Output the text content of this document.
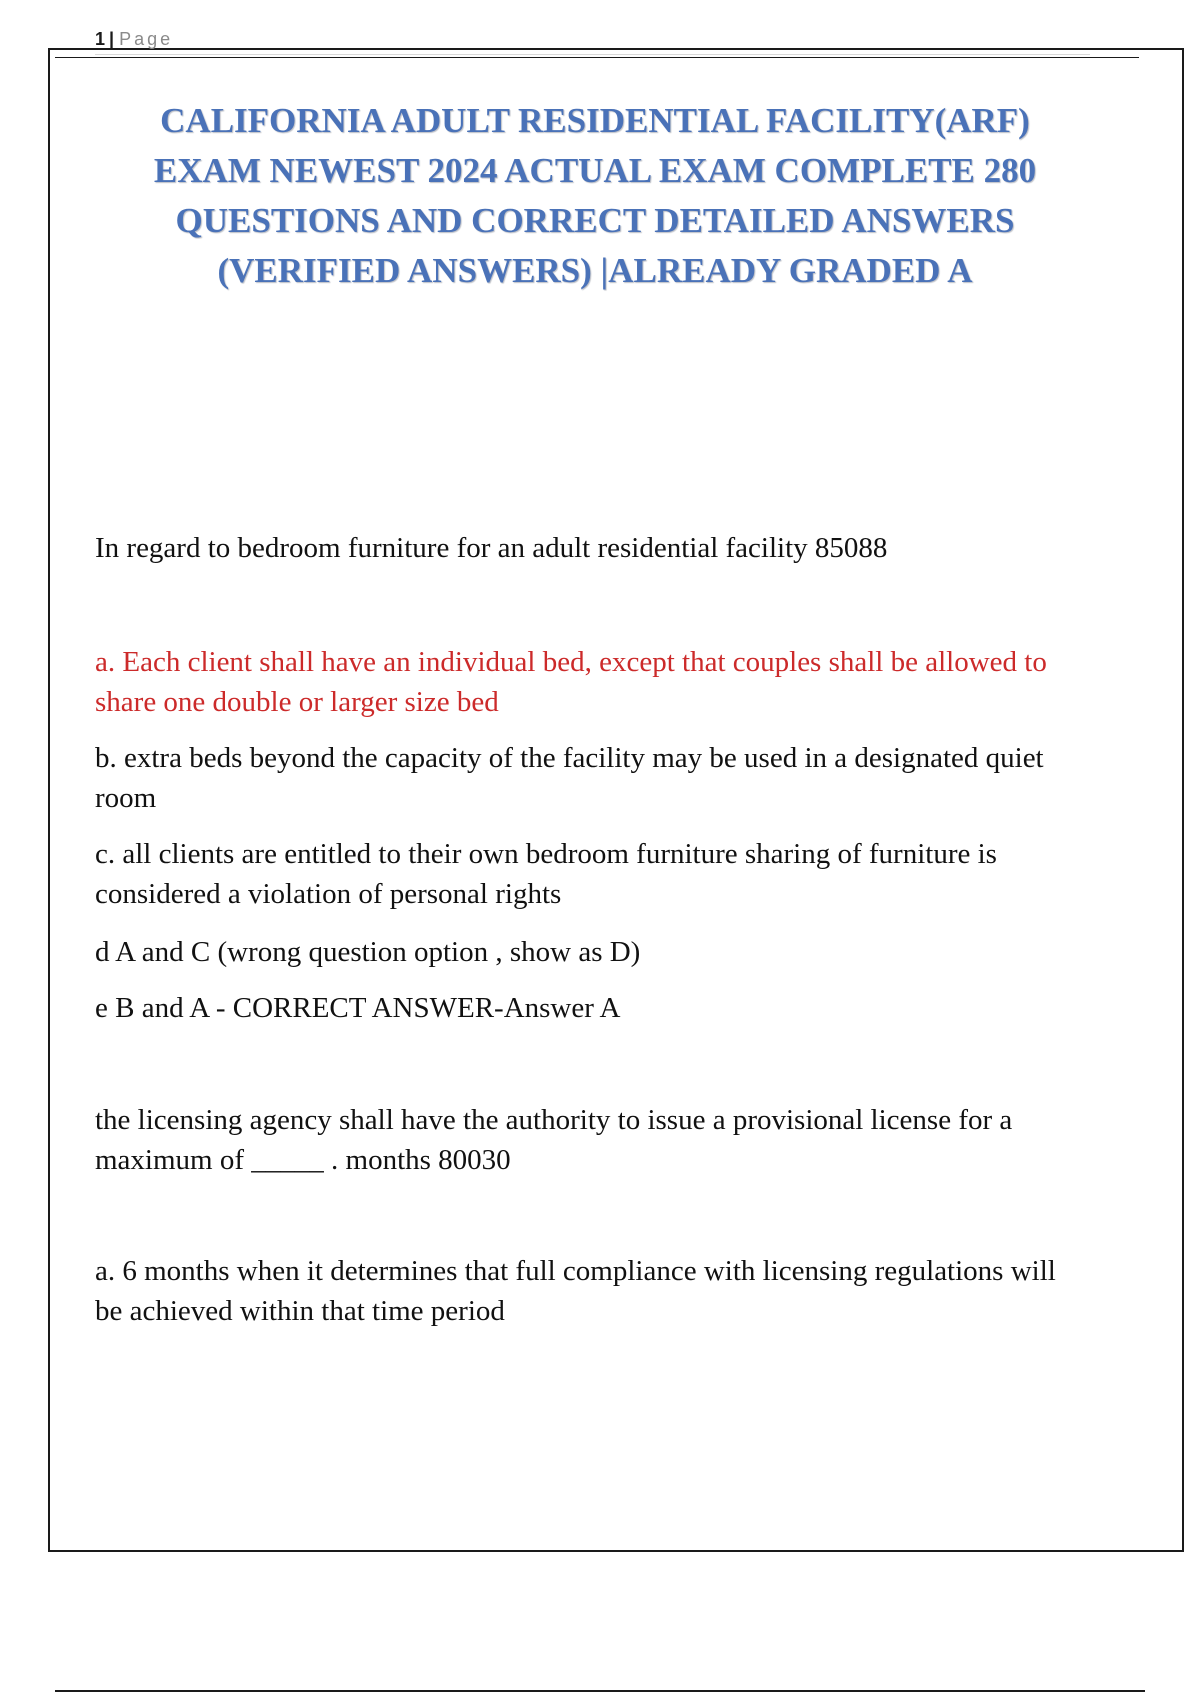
1 | Page
CALIFORNIA ADULT RESIDENTIAL FACILITY(ARF)
EXAM NEWEST 2024 ACTUAL EXAM COMPLETE 280
QUESTIONS AND CORRECT DETAILED ANSWERS
(VERIFIED ANSWERS) |ALREADY GRADED A

In regard to bedroom furniture for an adult residential facility 85088

a. Each client shall have an individual bed, except that couples shall be allowed to share one double or larger size bed

b. extra beds beyond the capacity of the facility may be used in a designated quiet room

c. all clients are entitled to their own bedroom furniture sharing of furniture is considered a violation of personal rights

d A and C (wrong question option , show as D)

e B and A - CORRECT ANSWER-Answer A

the licensing agency shall have the authority to issue a provisional license for a maximum of _____ . months 80030

a. 6 months when it determines that full compliance with licensing regulations will be achieved within that time period
